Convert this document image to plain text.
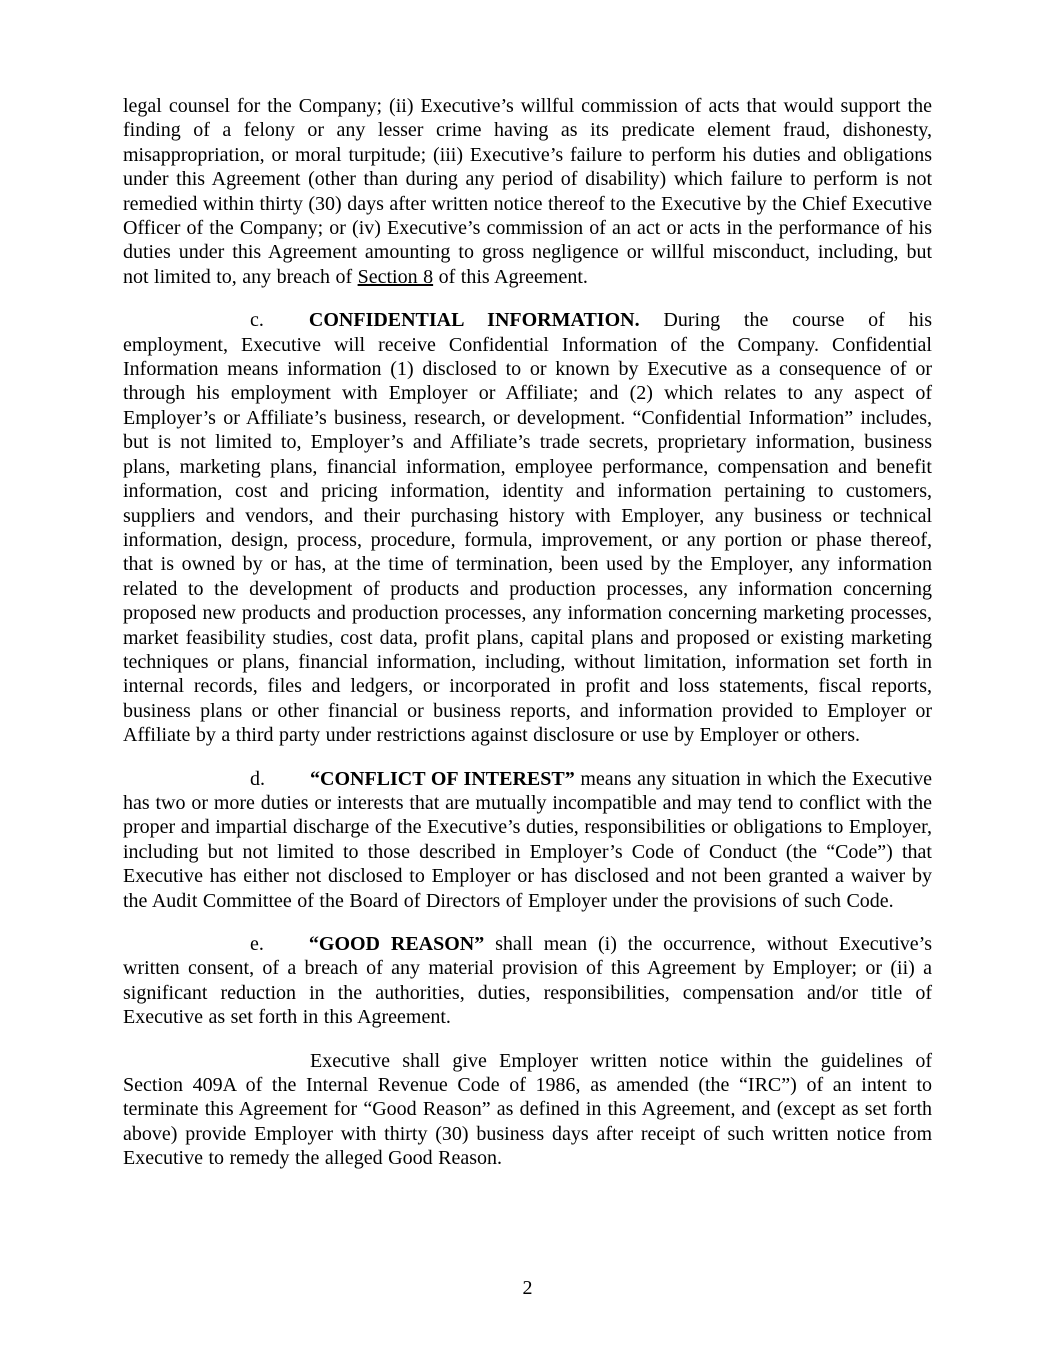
legal counsel for the Company; (ii) Executive’s willful commission of acts that would support the finding of a felony or any lesser crime having as its predicate element fraud, dishonesty, misappropriation, or moral turpitude; (iii) Executive’s failure to perform his duties and obligations under this Agreement (other than during any period of disability) which failure to perform is not remedied within thirty (30) days after written notice thereof to the Executive by the Chief Executive Officer of the Company; or (iv) Executive’s commission of an act or acts in the performance of his duties under this Agreement amounting to gross negligence or willful misconduct, including, but not limited to, any breach of Section 8 of this Agreement.

c. CONFIDENTIAL INFORMATION. During the course of his employment, Executive will receive Confidential Information of the Company. Confidential Information means information (1) disclosed to or known by Executive as a consequence of or through his employment with Employer or Affiliate; and (2) which relates to any aspect of Employer’s or Affiliate’s business, research, or development. “Confidential Information” includes, but is not limited to, Employer’s and Affiliate’s trade secrets, proprietary information, business plans, marketing plans, financial information, employee performance, compensation and benefit information, cost and pricing information, identity and information pertaining to customers, suppliers and vendors, and their purchasing history with Employer, any business or technical information, design, process, procedure, formula, improvement, or any portion or phase thereof, that is owned by or has, at the time of termination, been used by the Employer, any information related to the development of products and production processes, any information concerning proposed new products and production processes, any information concerning marketing processes, market feasibility studies, cost data, profit plans, capital plans and proposed or existing marketing techniques or plans, financial information, including, without limitation, information set forth in internal records, files and ledgers, or incorporated in profit and loss statements, fiscal reports, business plans or other financial or business reports, and information provided to Employer or Affiliate by a third party under restrictions against disclosure or use by Employer or others.

d. “CONFLICT OF INTEREST” means any situation in which the Executive has two or more duties or interests that are mutually incompatible and may tend to conflict with the proper and impartial discharge of the Executive’s duties, responsibilities or obligations to Employer, including but not limited to those described in Employer’s Code of Conduct (the “Code”) that Executive has either not disclosed to Employer or has disclosed and not been granted a waiver by the Audit Committee of the Board of Directors of Employer under the provisions of such Code.

e. “GOOD REASON” shall mean (i) the occurrence, without Executive’s written consent, of a breach of any material provision of this Agreement by Employer; or (ii) a significant reduction in the authorities, duties, responsibilities, compensation and/or title of Executive as set forth in this Agreement.

Executive shall give Employer written notice within the guidelines of Section 409A of the Internal Revenue Code of 1986, as amended (the “IRC”) of an intent to terminate this Agreement for “Good Reason” as defined in this Agreement, and (except as set forth above) provide Employer with thirty (30) business days after receipt of such written notice from Executive to remedy the alleged Good Reason.

2
